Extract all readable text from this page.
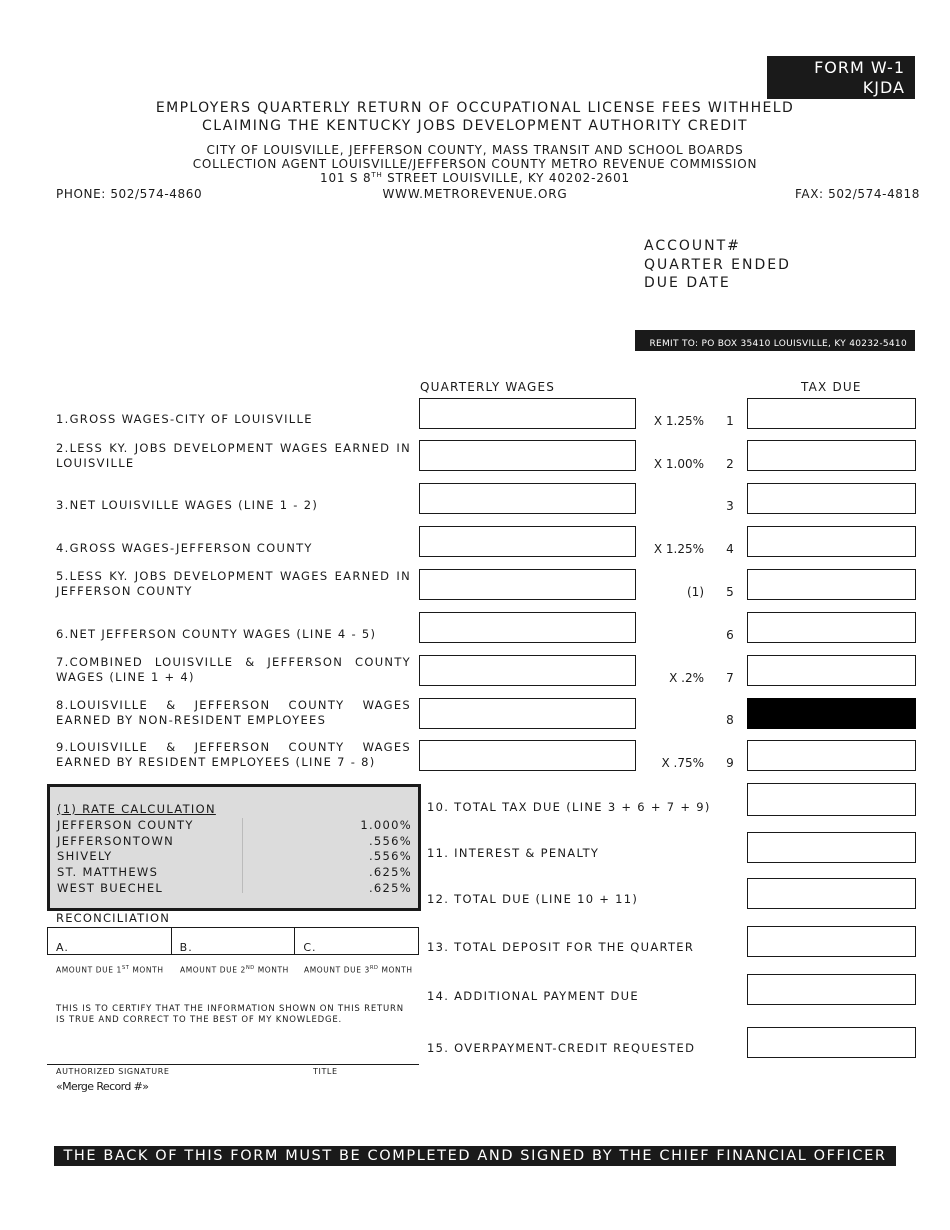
FORM W-1
KJDA
EMPLOYERS QUARTERLY RETURN OF OCCUPATIONAL LICENSE FEES WITHHELD
CLAIMING THE KENTUCKY JOBS DEVELOPMENT AUTHORITY CREDIT
CITY OF LOUISVILLE, JEFFERSON COUNTY, MASS TRANSIT AND SCHOOL BOARDS
COLLECTION AGENT LOUISVILLE/JEFFERSON COUNTY METRO REVENUE COMMISSION
101 S 8TH STREET LOUISVILLE, KY 40202-2601
PHONE: 502/574-4860	WWW.METROREVENUE.ORG	FAX: 502/574-4818
ACCOUNT#
QUARTER ENDED
DUE DATE
REMIT TO: PO BOX 35410 LOUISVILLE, KY 40232-5410
QUARTERLY WAGES	TAX DUE
1.GROSS WAGES-CITY OF LOUISVILLE	X 1.25%	1
2.LESS KY. JOBS DEVELOPMENT WAGES EARNED IN LOUISVILLE	X 1.00%	2
3.NET LOUISVILLE WAGES (LINE 1 - 2)	3
4.GROSS WAGES-JEFFERSON COUNTY	X 1.25%	4
5.LESS KY. JOBS DEVELOPMENT WAGES EARNED IN JEFFERSON COUNTY	(1)	5
6.NET JEFFERSON COUNTY WAGES (LINE 4 - 5)	6
7.COMBINED LOUISVILLE & JEFFERSON COUNTY WAGES (LINE 1 + 4)	X .2%	7
8.LOUISVILLE & JEFFERSON COUNTY WAGES EARNED BY NON-RESIDENT EMPLOYEES	8
9.LOUISVILLE & JEFFERSON COUNTY WAGES EARNED BY RESIDENT EMPLOYEES (LINE 7 - 8)	X .75%	9
(1) RATE CALCULATION
JEFFERSON COUNTY	1.000%
JEFFERSONTOWN	.556%
SHIVELY	.556%
ST. MATTHEWS	.625%
WEST BUECHEL	.625%
10. TOTAL TAX DUE (LINE 3 + 6 + 7 + 9)
11. INTEREST & PENALTY
12. TOTAL DUE (LINE 10 + 11)
13. TOTAL DEPOSIT FOR THE QUARTER
14. ADDITIONAL PAYMENT DUE
15. OVERPAYMENT-CREDIT REQUESTED
RECONCILIATION
A.	B.	C.
AMOUNT DUE 1ST MONTH AMOUNT DUE 2ND MONTH AMOUNT DUE 3RD MONTH
THIS IS TO CERTIFY THAT THE INFORMATION SHOWN ON THIS RETURN IS TRUE AND CORRECT TO THE BEST OF MY KNOWLEDGE.
AUTHORIZED SIGNATURE	TITLE
«Merge Record #»
THE BACK OF THIS FORM MUST BE COMPLETED AND SIGNED BY THE CHIEF FINANCIAL OFFICER
